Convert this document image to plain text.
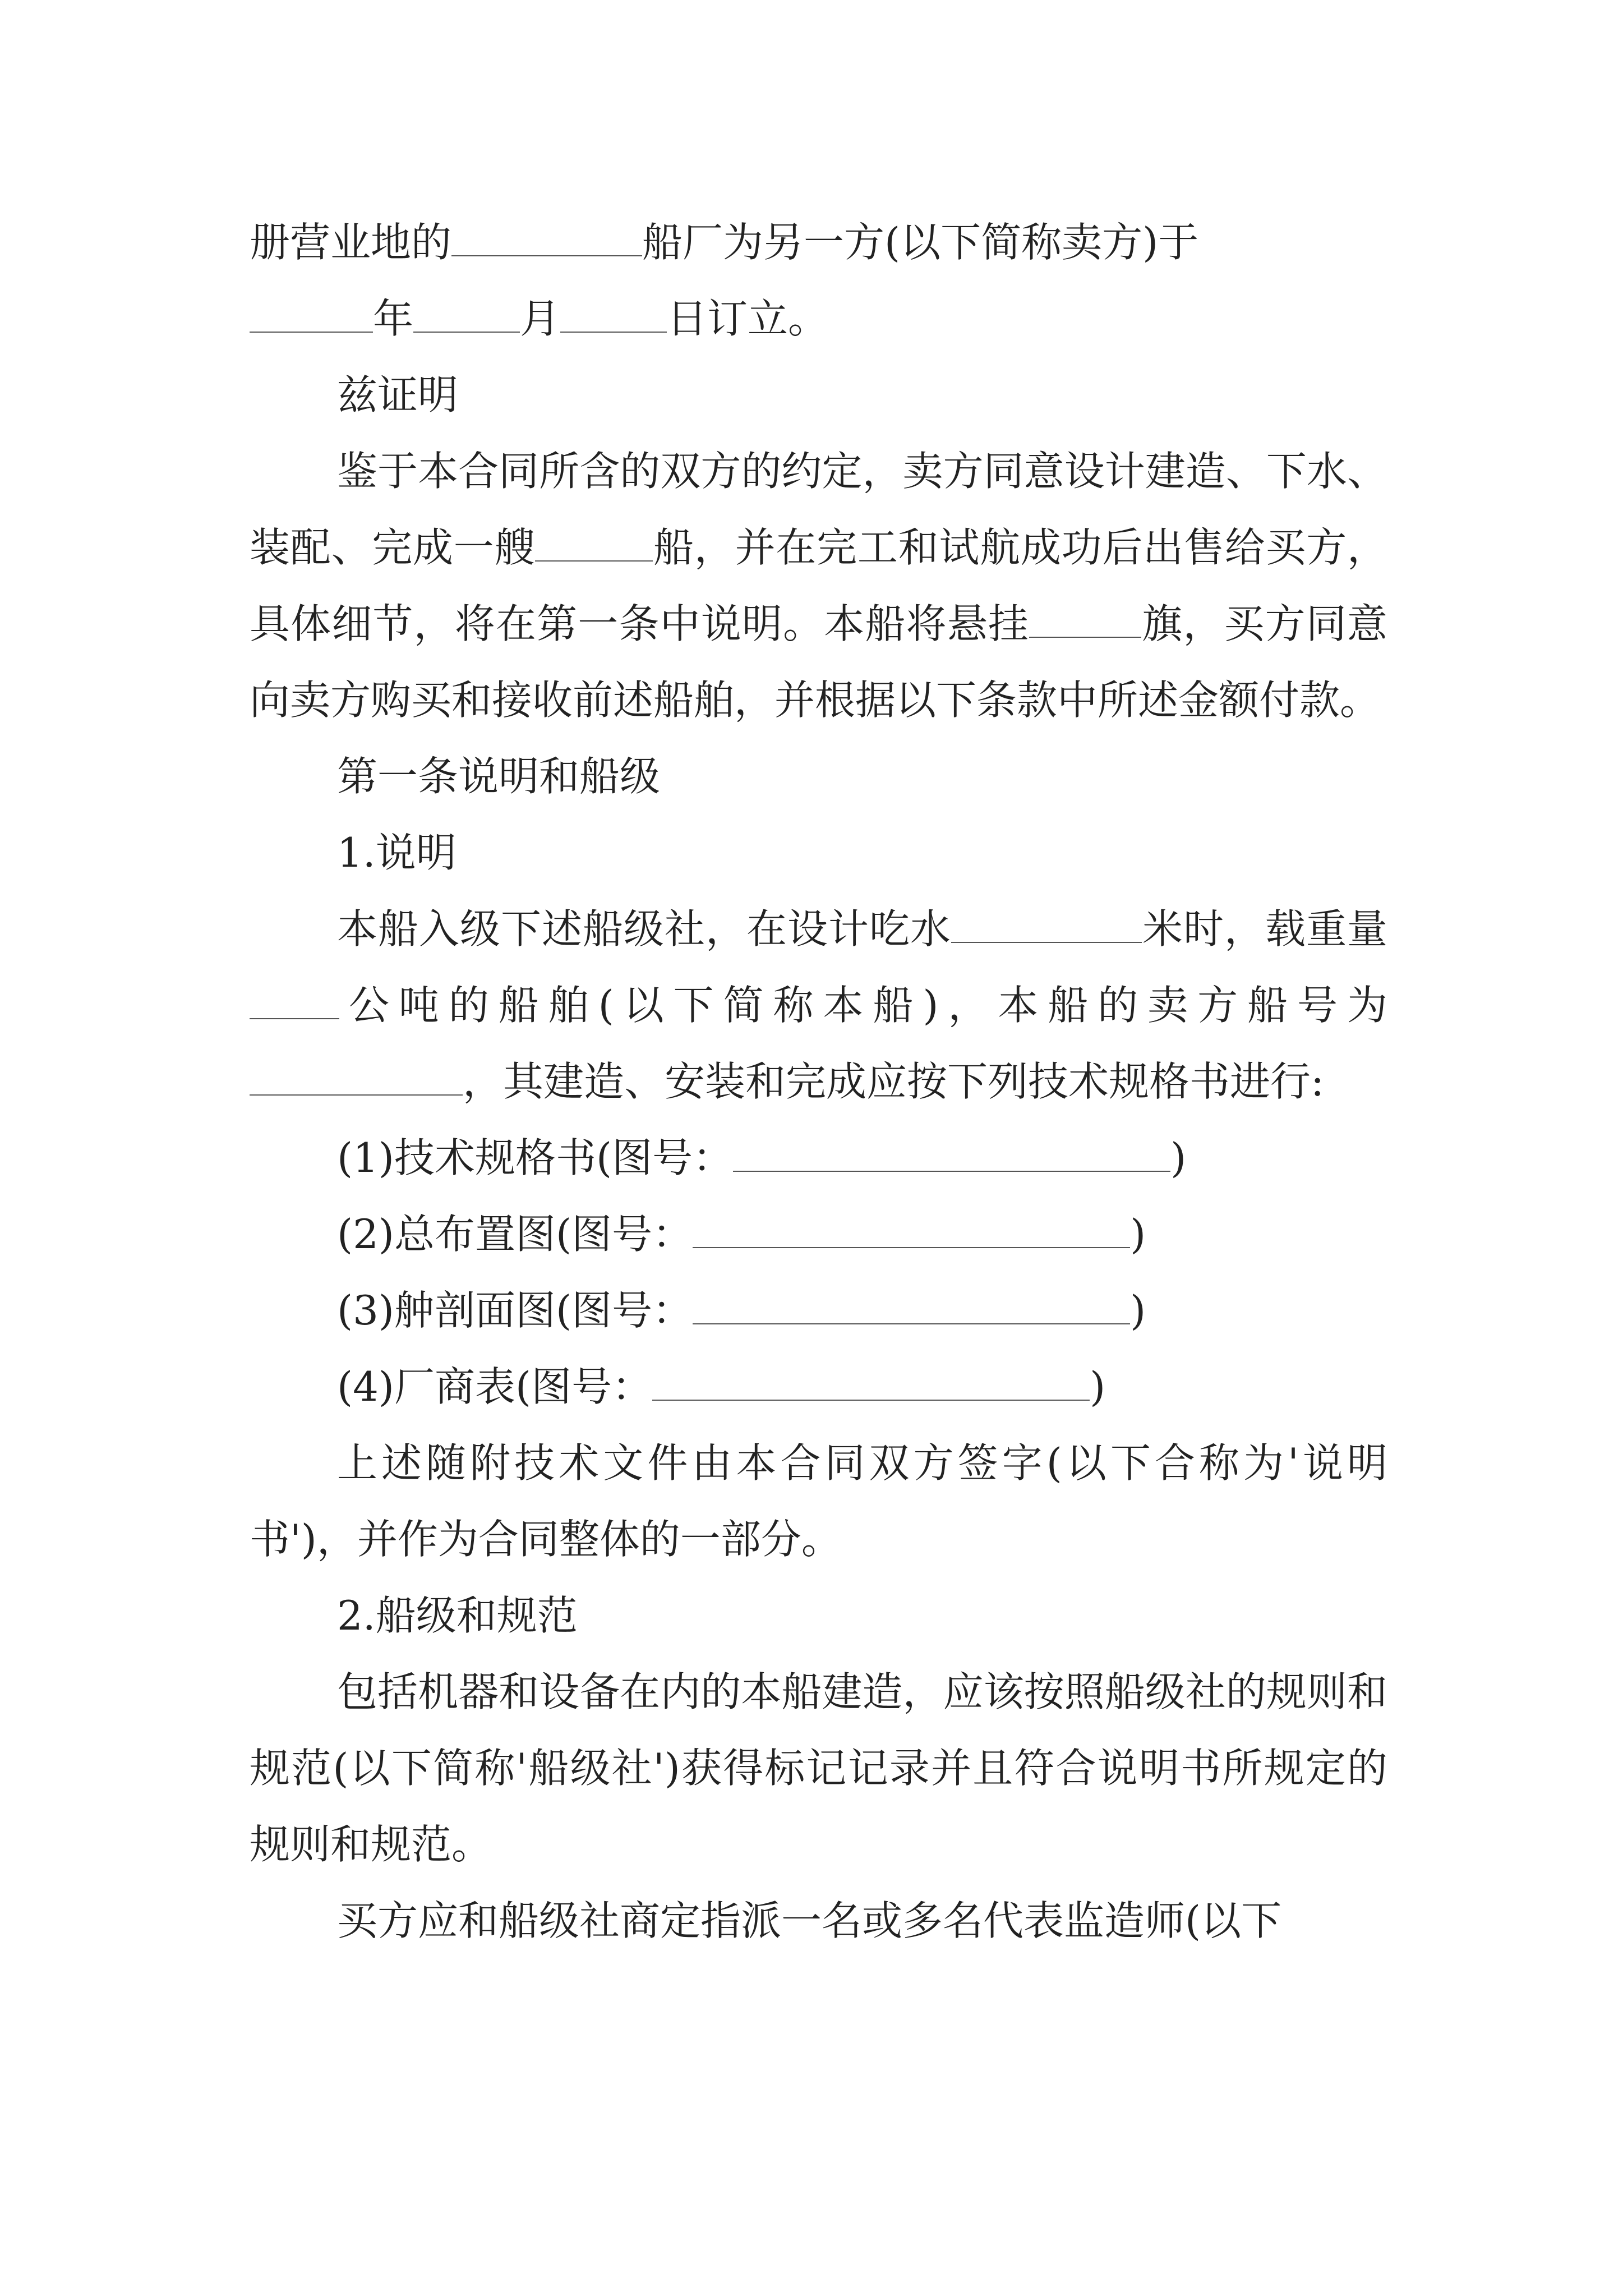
册营业地的	船厂为另一方(以下简称卖方)于
年	月	日订立。

兹证明

鉴于本合同所含的双方的约定，卖方同意设计建造、下水、装配、完成一艘	船，并在完工和试航成功后出售给买方，具体细节，将在第一条中说明。本船将悬挂	旗，买方同意向卖方购买和接收前述船舶，并根据以下条款中所述金额付款。

第一条说明和船级

1.说明

本船入级下述船级社，在设计吃水	米时，载重量公吨的船舶(以下简称本船)，本船的卖方船号为，其建造、安装和完成应按下列技术规格书进行:

(1)技术规格书(图号：	)

(2)总布置图(图号：	)

(3)舯剖面图(图号：	)

(4)厂商表(图号：	)

上述随附技术文件由本合同双方签字(以下合称为'说明书')，并作为合同整体的一部分。

2.船级和规范

包括机器和设备在内的本船建造，应该按照船级社的规则和规范(以下简称'船级社')获得标记记录并且符合说明书所规定的规则和规范。

买方应和船级社商定指派一名或多名代表监造师(以下
